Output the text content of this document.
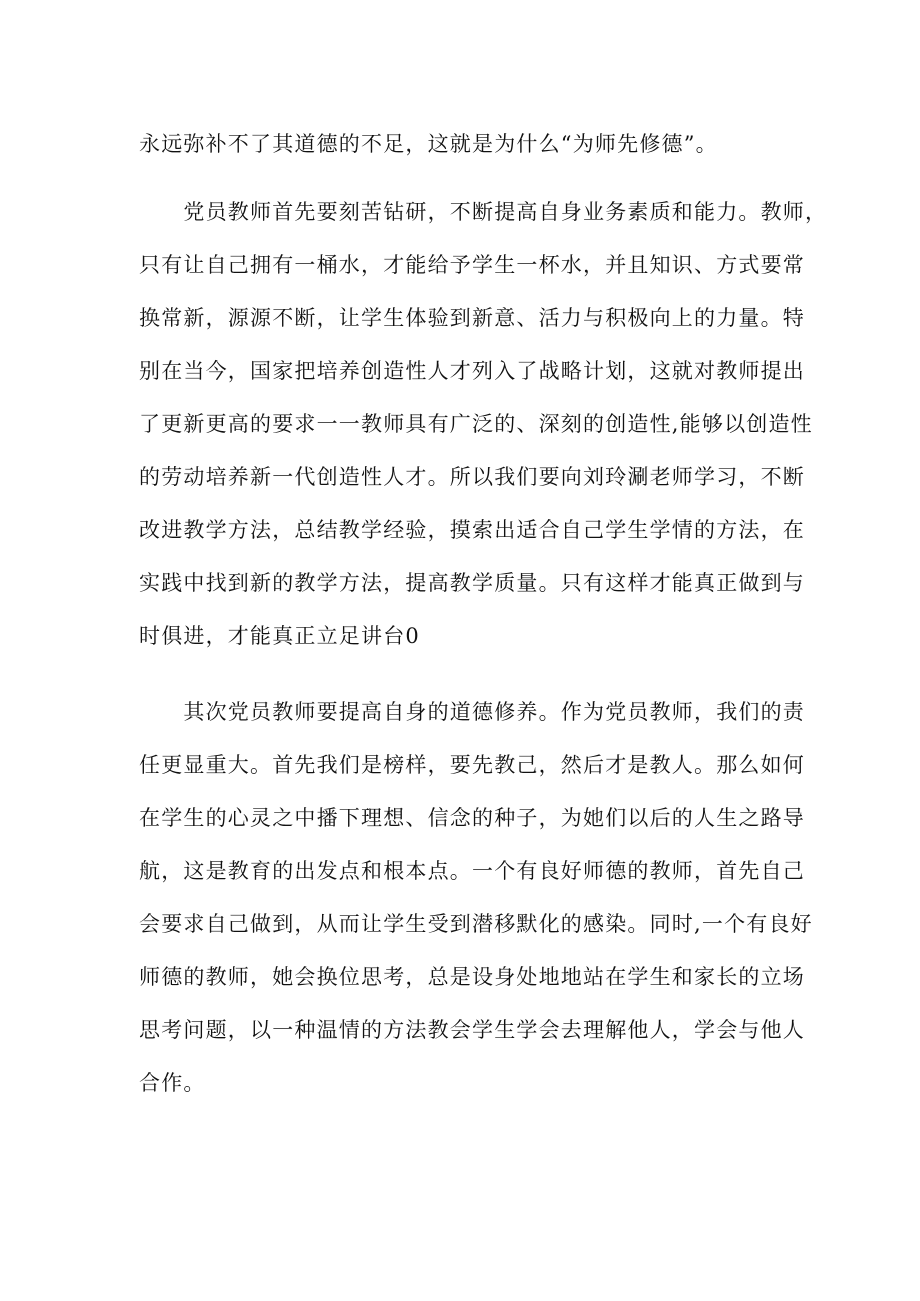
永远弥补不了其道德的不足，这就是为什么“为师先修德”。
　　党员教师首先要刻苦钻研，不断提高自身业务素质和能力。教师，
只有让自己拥有一桶水，才能给予学生一杯水，并且知识、方式要常
换常新，源源不断，让学生体验到新意、活力与积极向上的力量。特
别在当今，国家把培养创造性人才列入了战略计划，这就对教师提出
了更新更高的要求一一教师具有广泛的、深刻的创造性,能够以创造性
的劳动培养新一代创造性人才。所以我们要向刘玲涮老师学习，不断
改进教学方法，总结教学经验，摸索出适合自己学生学情的方法，在
实践中找到新的教学方法，提高教学质量。只有这样才能真正做到与
时俱进，才能真正立足讲台0
　　其次党员教师要提高自身的道德修养。作为党员教师，我们的责
任更显重大。首先我们是榜样，要先教己，然后才是教人。那么如何
在学生的心灵之中播下理想、信念的种子，为她们以后的人生之路导
航，这是教育的出发点和根本点。一个有良好师德的教师，首先自己
会要求自己做到，从而让学生受到潜移默化的感染。同时,一个有良好
师德的教师，她会换位思考，总是设身处地地站在学生和家长的立场
思考问题，以一种温情的方法教会学生学会去理解他人，学会与他人
合作。
